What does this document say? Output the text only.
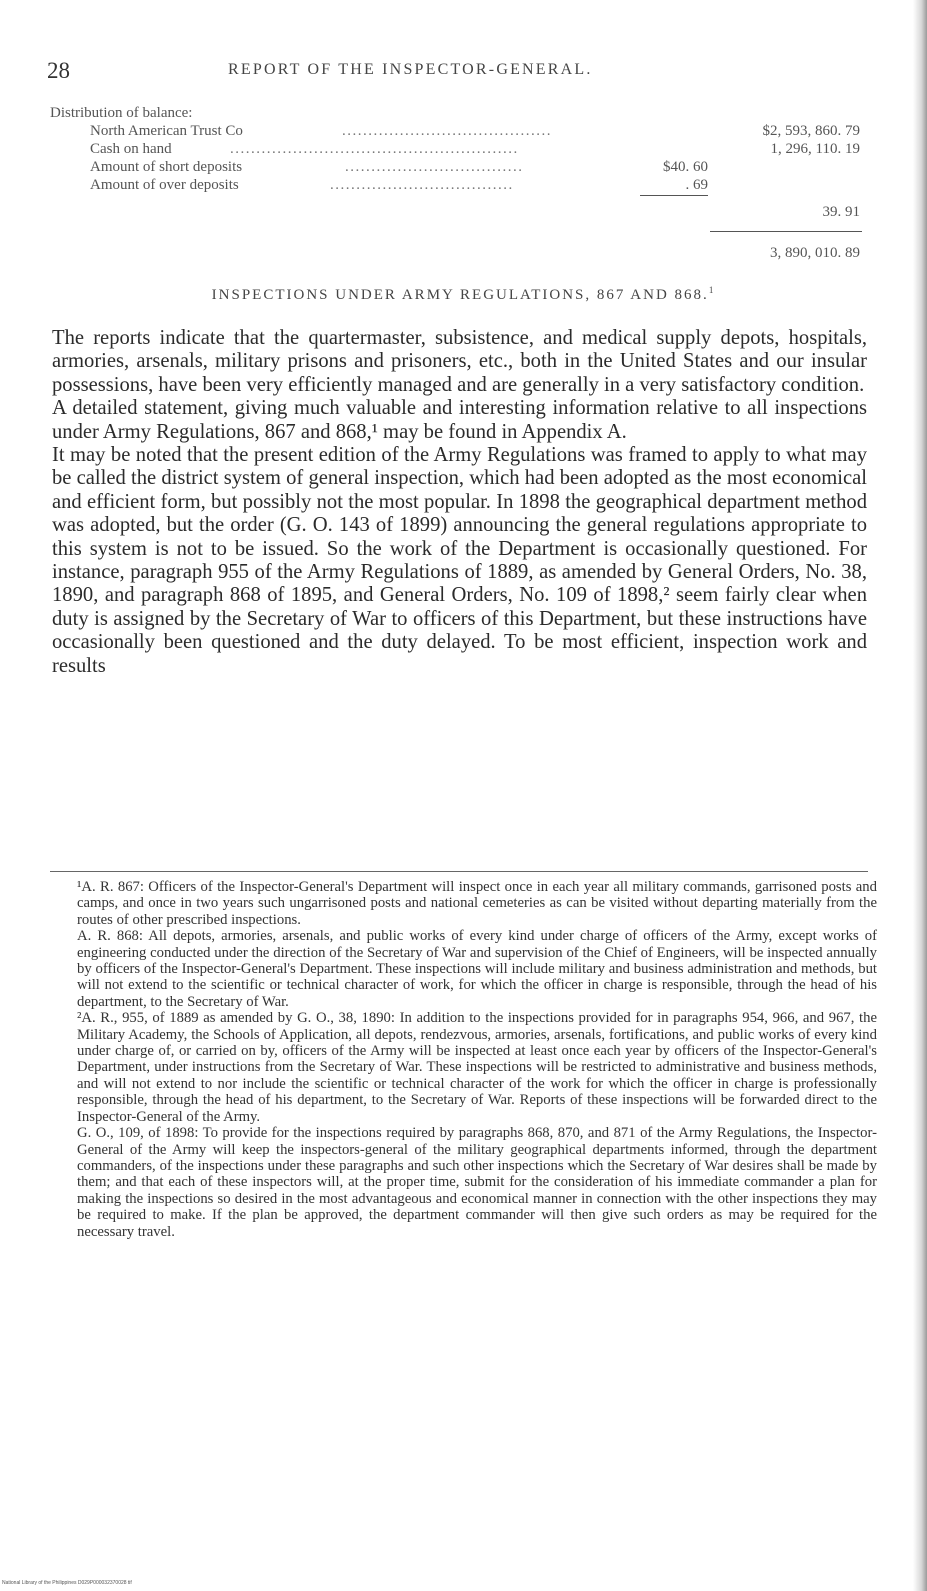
28	REPORT OF THE INSPECTOR-GENERAL.
Distribution of balance:
North American Trust Co	........................................	$2, 593, 860. 79
Cash on hand	.......................................................	1, 296, 110. 19
Amount of short deposits	..................................	$40. 60
Amount of over deposits	...................................	. 69
39. 91
3, 890, 010. 89
INSPECTIONS UNDER ARMY REGULATIONS, 867 AND 868.$^1$

The reports indicate that the quartermaster, subsistence, and medical supply depots, hospitals, armories, arsenals, military prisons and prisoners, etc., both in the United States and our insular possessions, have been very efficiently managed and are generally in a very satisfactory condition.

A detailed statement, giving much valuable and interesting information relative to all inspections under Army Regulations, 867 and 868,¹ may be found in Appendix A.

It may be noted that the present edition of the Army Regulations was framed to apply to what may be called the district system of general inspection, which had been adopted as the most economical and efficient form, but possibly not the most popular. In 1898 the geographical department method was adopted, but the order (G. O. 143 of 1899) announcing the general regulations appropriate to this system is not to be issued. So the work of the Department is occasionally questioned. For instance, paragraph 955 of the Army Regulations of 1889, as amended by General Orders, No. 38, 1890, and paragraph 868 of 1895, and General Orders, No. 109 of 1898,² seem fairly clear when duty is assigned by the Secretary of War to officers of this Department, but these instructions have occasionally been questioned and the duty delayed. To be most efficient, inspection work and results

¹A. R. 867: Officers of the Inspector-General's Department will inspect once in each year all military commands, garrisoned posts and camps, and once in two years such ungarrisoned posts and national cemeteries as can be visited without departing materially from the routes of other prescribed inspections.

A. R. 868: All depots, armories, arsenals, and public works of every kind under charge of officers of the Army, except works of engineering conducted under the direction of the Secretary of War and supervision of the Chief of Engineers, will be inspected annually by officers of the Inspector-General's Department. These inspections will include military and business administration and methods, but will not extend to the scientific or technical character of work, for which the officer in charge is responsible, through the head of his department, to the Secretary of War.

²A. R., 955, of 1889 as amended by G. O., 38, 1890: In addition to the inspections provided for in paragraphs 954, 966, and 967, the Military Academy, the Schools of Application, all depots, rendezvous, armories, arsenals, fortifications, and public works of every kind under charge of, or carried on by, officers of the Army will be inspected at least once each year by officers of the Inspector-General's Department, under instructions from the Secretary of War. These inspections will be restricted to administrative and business methods, and will not extend to nor include the scientific or technical character of the work for which the officer in charge is professionally responsible, through the head of his department, to the Secretary of War. Reports of these inspections will be forwarded direct to the Inspector-General of the Army.

G. O., 109, of 1898: To provide for the inspections required by paragraphs 868, 870, and 871 of the Army Regulations, the Inspector-General of the Army will keep the inspectors-general of the military geographical departments informed, through the department commanders, of the inspections under these paragraphs and such other inspections which the Secretary of War desires shall be made by them; and that each of these inspectors will, at the proper time, submit for the consideration of his immediate commander a plan for making the inspections so desired in the most advantageous and economical manner in connection with the other inspections they may be required to make. If the plan be approved, the department commander will then give such orders as may be required for the necessary travel.

National Library of the Philippines D029P000032370028 tif
